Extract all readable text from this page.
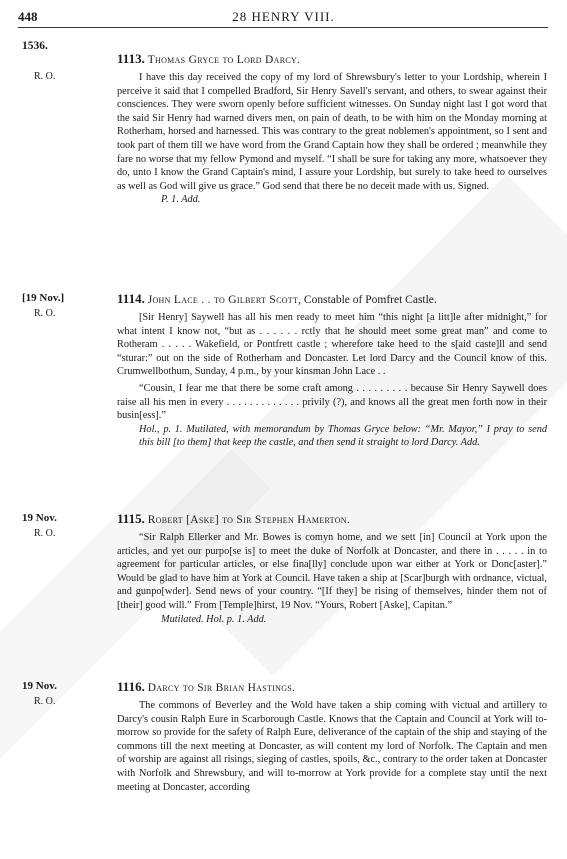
448	28 HENRY VIII.
1536.
R. O.
1113. Thomas Gryce to Lord Darcy.

I have this day received the copy of my lord of Shrewsbury's letter to your Lordship, wherein I perceive it said that I compelled Bradford, Sir Henry Savell's servant, and others, to swear against their consciences. They were sworn openly before sufficient witnesses. On Sunday night last I got word that the said Sir Henry had warned divers men, on pain of death, to be with him on the Monday morning at Rotherham, horsed and harnessed. This was contrary to the great noblemen's appointment, so I sent and took part of them till we have word from the Grand Captain how they shall be ordered ; meanwhile they fare no worse that my fellow Pymond and myself. “I shall be sure for taking any more, whatsoever they do, unto I know the Grand Captain's mind, I assure your Lordship, but surely to take heed to ourselves as well as God will give us grace.” God send that there be no deceit made with us. Signed.

P. 1. Add.

[19 Nov.]
R. O.
1114. John Lace . . to Gilbert Scott, Constable of Pomfret Castle.

[Sir Henry] Saywell has all his men ready to meet him “this night [a litt]le after midnight,” for what intent I know not, “but as . . . . . . rctly that he should meet some great man” and come to Rotheram . . . . . Wakefield, or Pontfrett castle ; wherefore take heed to the s[aid caste]ll and send “sturar:” out on the side of Rotherham and Doncaster. Let lord Darcy and the Council know of this. Crumwellbothum, Sunday, 4 p.m., by your kinsman John Lace . .

“Cousin, I fear me that there be some craft among . . . . . . . . . because Sir Henry Saywell does raise all his men in every . . . . . . . . . . . . . privily (?), and knows all the great men forth now in their busin[ess].”

Hol., p. 1. Mutilated, with memorandum by Thomas Gryce below: “Mr. Mayor,” I pray to send this bill [to them] that keep the castle, and then send it straight to lord Darcy. Add.

19 Nov.
R. O.
1115. Robert [Aske] to Sir Stephen Hamerton.

“Sir Ralph Ellerker and Mr. Bowes is comyn home, and we sett [in] Council at York upon the articles, and yet our purpo[se is] to meet the duke of Norfolk at Doncaster, and there in . . . . . in to agreement for particular articles, or else fina[lly] conclude upon war either at York or Donc[aster].” Would be glad to have him at York at Council. Have taken a ship at [Scar]burgh with ordnance, victual, and gunpo[wder]. Send news of your country. “[If they] be rising of themselves, hinder them not of [their] good will.” From [Temple]hirst, 19 Nov. “Yours, Robert [Aske], Capitan.”

Mutilated. Hol. p. 1. Add.

19 Nov.
R. O.
1116. Darcy to Sir Brian Hastings.

The commons of Beverley and the Wold have taken a ship coming with victual and artillery to Darcy's cousin Ralph Eure in Scarborough Castle. Knows that the Captain and Council at York will to-morrow so provide for the safety of Ralph Eure, deliverance of the captain of the ship and staying of the commons till the next meeting at Doncaster, as will content my lord of Norfolk. The Captain and men of worship are against all risings, sieging of castles, spoils, &c., contrary to the order taken at Doncaster with Norfolk and Shrewsbury, and will to-morrow at York provide for a complete stay until the next meeting at Doncaster, according
